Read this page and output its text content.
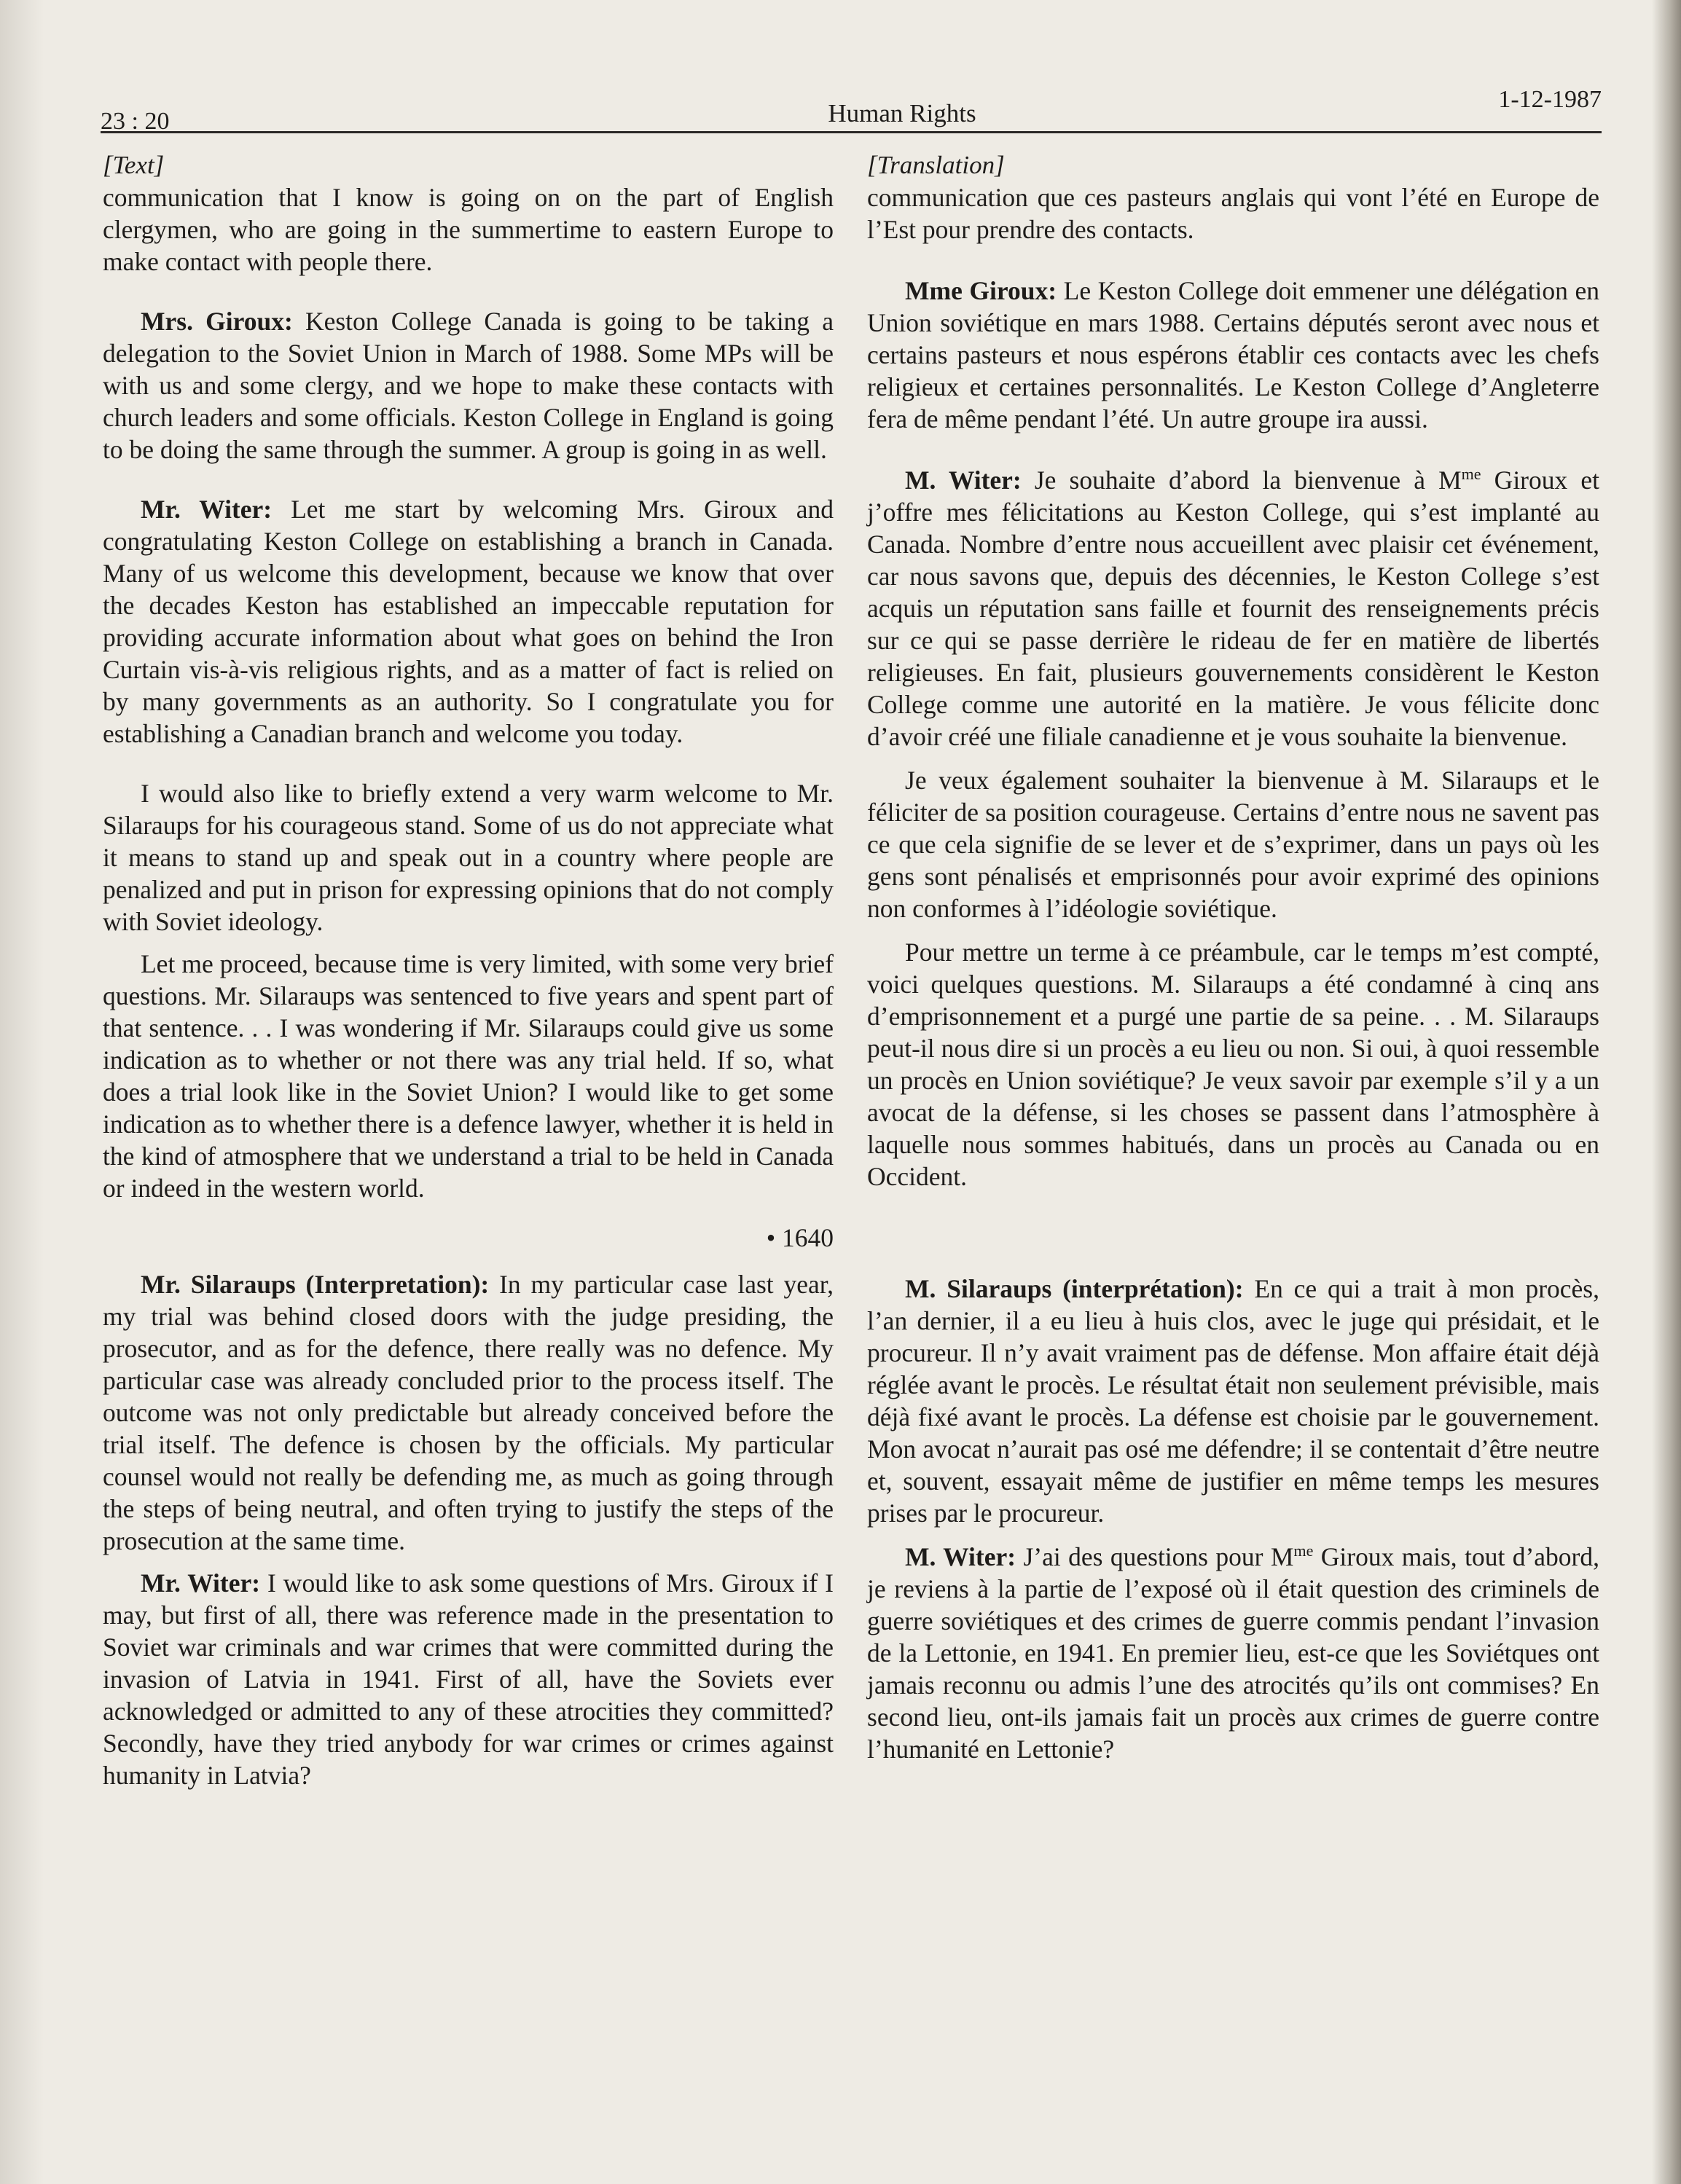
23 : 20	Human Rights	1-12-1987
[Text]

communication that I know is going on on the part of English clergymen, who are going in the summertime to eastern Europe to make contact with people there.

Mrs. Giroux: Keston College Canada is going to be taking a delegation to the Soviet Union in March of 1988. Some MPs will be with us and some clergy, and we hope to make these contacts with church leaders and some officials. Keston College in England is going to be doing the same through the summer. A group is going in as well.

Mr. Witer: Let me start by welcoming Mrs. Giroux and congratulating Keston College on establishing a branch in Canada. Many of us welcome this development, because we know that over the decades Keston has established an impeccable reputation for providing accurate information about what goes on behind the Iron Curtain vis-à-vis religious rights, and as a matter of fact is relied on by many governments as an authority. So I congratulate you for establishing a Canadian branch and welcome you today.

I would also like to briefly extend a very warm welcome to Mr. Silaraups for his courageous stand. Some of us do not appreciate what it means to stand up and speak out in a country where people are penalized and put in prison for expressing opinions that do not comply with Soviet ideology.

Let me proceed, because time is very limited, with some very brief questions. Mr. Silaraups was sentenced to five years and spent part of that sentence. . . I was wondering if Mr. Silaraups could give us some indication as to whether or not there was any trial held. If so, what does a trial look like in the Soviet Union? I would like to get some indication as to whether there is a defence lawyer, whether it is held in the kind of atmosphere that we understand a trial to be held in Canada or indeed in the western world.

• 1640

Mr. Silaraups (Interpretation): In my particular case last year, my trial was behind closed doors with the judge presiding, the prosecutor, and as for the defence, there really was no defence. My particular case was already concluded prior to the process itself. The outcome was not only predictable but already conceived before the trial itself. The defence is chosen by the officials. My particular counsel would not really be defending me, as much as going through the steps of being neutral, and often trying to justify the steps of the prosecution at the same time.

Mr. Witer: I would like to ask some questions of Mrs. Giroux if I may, but first of all, there was reference made in the presentation to Soviet war criminals and war crimes that were committed during the invasion of Latvia in 1941. First of all, have the Soviets ever acknowledged or admitted to any of these atrocities they committed? Secondly, have they tried anybody for war crimes or crimes against humanity in Latvia?

[Translation]

communication que ces pasteurs anglais qui vont l’été en Europe de l’Est pour prendre des contacts.

Mme Giroux: Le Keston College doit emmener une délégation en Union soviétique en mars 1988. Certains députés seront avec nous et certains pasteurs et nous espérons établir ces contacts avec les chefs religieux et certaines personnalités. Le Keston College d’Angleterre fera de même pendant l’été. Un autre groupe ira aussi.

M. Witer: Je souhaite d’abord la bienvenue à $M^{me}$ Giroux et j’offre mes félicitations au Keston College, qui s’est implanté au Canada. Nombre d’entre nous accueillent avec plaisir cet événement, car nous savons que, depuis des décennies, le Keston College s’est acquis un réputation sans faille et fournit des renseignements précis sur ce qui se passe derrière le rideau de fer en matière de libertés religieuses. En fait, plusieurs gouvernements considèrent le Keston College comme une autorité en la matière. Je vous félicite donc d’avoir créé une filiale canadienne et je vous souhaite la bienvenue.

Je veux également souhaiter la bienvenue à M. Silaraups et le féliciter de sa position courageuse. Certains d’entre nous ne savent pas ce que cela signifie de se lever et de s’exprimer, dans un pays où les gens sont pénalisés et emprisonnés pour avoir exprimé des opinions non conformes à l’idéologie soviétique.

Pour mettre un terme à ce préambule, car le temps m’est compté, voici quelques questions. M. Silaraups a été condamné à cinq ans d’emprisonnement et a purgé une partie de sa peine. . . M. Silaraups peut-il nous dire si un procès a eu lieu ou non. Si oui, à quoi ressemble un procès en Union soviétique? Je veux savoir par exemple s’il y a un avocat de la défense, si les choses se passent dans l’atmosphère à laquelle nous sommes habitués, dans un procès au Canada ou en Occident.

M. Silaraups (interprétation): En ce qui a trait à mon procès, l’an dernier, il a eu lieu à huis clos, avec le juge qui présidait, et le procureur. Il n’y avait vraiment pas de défense. Mon affaire était déjà réglée avant le procès. Le résultat était non seulement prévisible, mais déjà fixé avant le procès. La défense est choisie par le gouvernement. Mon avocat n’aurait pas osé me défendre; il se contentait d’être neutre et, souvent, essayait même de justifier en même temps les mesures prises par le procureur.

M. Witer: J’ai des questions pour $M^{me}$ Giroux mais, tout d’abord, je reviens à la partie de l’exposé où il était question des criminels de guerre soviétiques et des crimes de guerre commis pendant l’invasion de la Lettonie, en 1941. En premier lieu, est-ce que les Soviétques ont jamais reconnu ou admis l’une des atrocités qu’ils ont commises? En second lieu, ont-ils jamais fait un procès aux crimes de guerre contre l’humanité en Lettonie?
